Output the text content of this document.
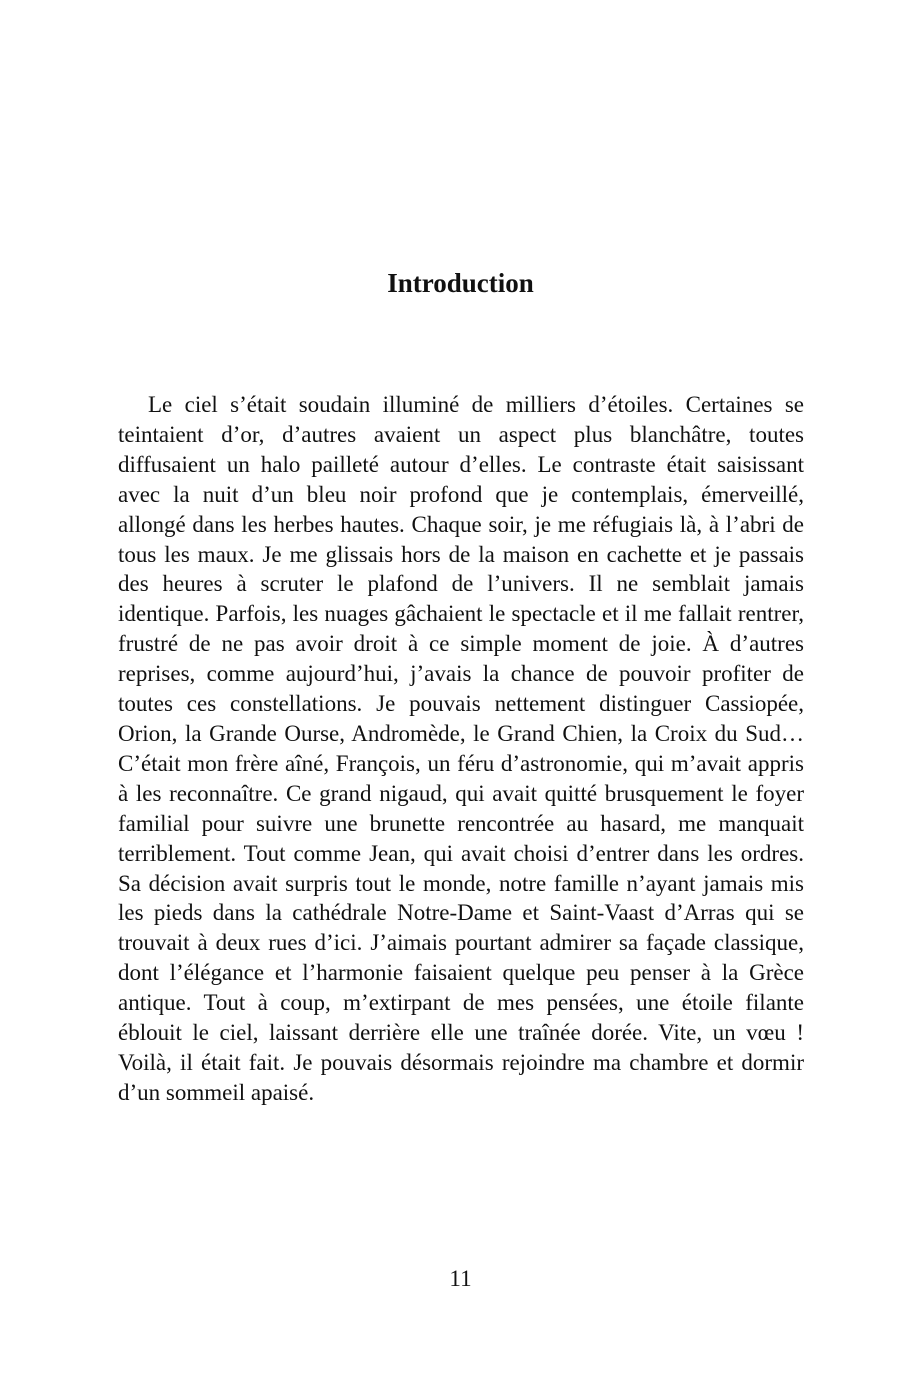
Introduction

Le ciel s’était soudain illuminé de milliers d’étoiles. Certaines se teintaient d’or, d’autres avaient un aspect plus blanchâtre, toutes diffusaient un halo pailleté autour d’elles. Le contraste était saisissant avec la nuit d’un bleu noir profond que je contemplais, émerveillé, allongé dans les herbes hautes. Chaque soir, je me réfugiais là, à l’abri de tous les maux. Je me glissais hors de la maison en cachette et je passais des heures à scruter le plafond de l’univers. Il ne semblait jamais identique. Parfois, les nuages gâchaient le spectacle et il me fallait rentrer, frustré de ne pas avoir droit à ce simple moment de joie. À d’autres reprises, comme aujourd’hui, j’avais la chance de pouvoir profiter de toutes ces constellations. Je pouvais nettement distinguer Cassiopée, Orion, la Grande Ourse, Andromède, le Grand Chien, la Croix du Sud… C’était mon frère aîné, François, un féru d’astronomie, qui m’avait appris à les reconnaître. Ce grand nigaud, qui avait quitté brusquement le foyer familial pour suivre une brunette rencontrée au hasard, me manquait terriblement. Tout comme Jean, qui avait choisi d’entrer dans les ordres. Sa décision avait surpris tout le monde, notre famille n’ayant jamais mis les pieds dans la cathédrale Notre-Dame et Saint-Vaast d’Arras qui se trouvait à deux rues d’ici. J’aimais pourtant admirer sa façade classique, dont l’élégance et l’harmonie faisaient quelque peu penser à la Grèce antique. Tout à coup, m’extirpant de mes pensées, une étoile filante éblouit le ciel, laissant derrière elle une traînée dorée. Vite, un vœu ! Voilà, il était fait. Je pouvais désormais rejoindre ma chambre et dormir d’un sommeil apaisé.

11
